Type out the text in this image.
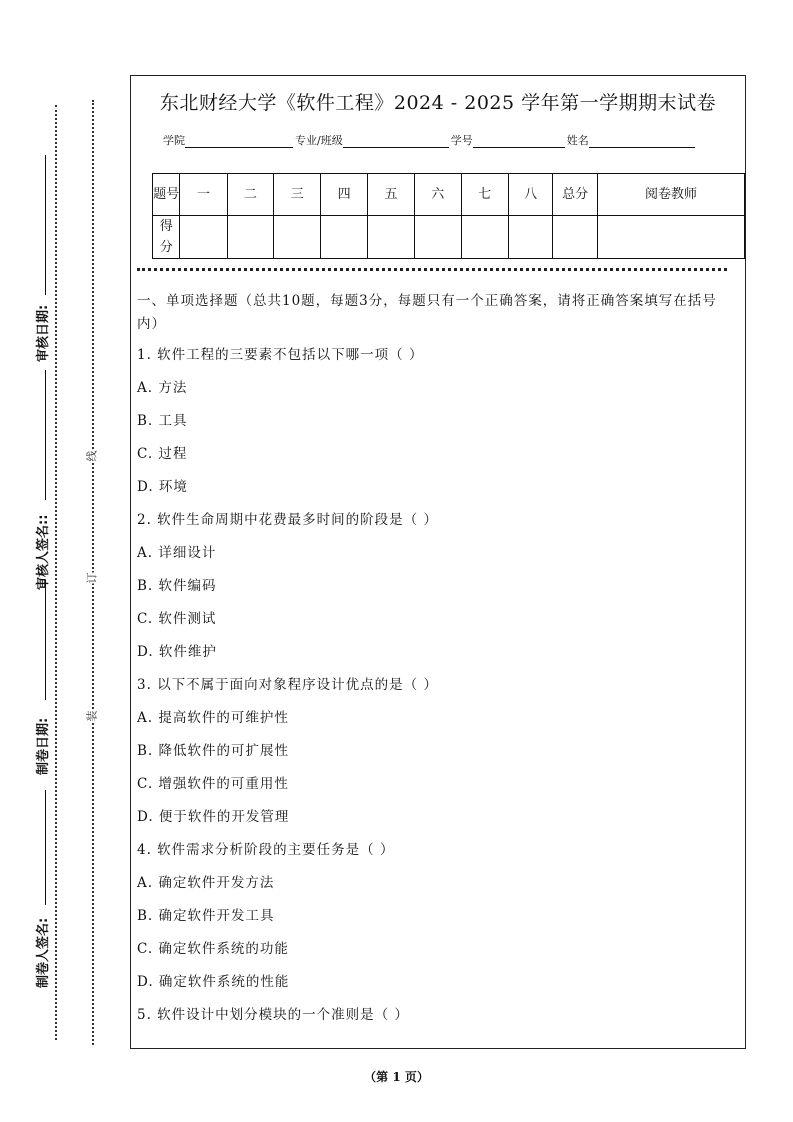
审核日期:
审核人签名::
制卷日期:
制卷人签名:
线
订
装
东北财经大学《软件工程》2024 - 2025 学年第一学期期末试卷
学院	专业/班级	学号	姓名
题号	一	二	三	四	五	六	七	八	总分	阅卷教师
得分										
一、单项选择题（总共10题，每题3分，每题只有一个正确答案，请将正确答案填写在括号内）
1. 软件工程的三要素不包括以下哪一项（ ）
A. 方法
B. 工具
C. 过程
D. 环境
2. 软件生命周期中花费最多时间的阶段是（ ）
A. 详细设计
B. 软件编码
C. 软件测试
D. 软件维护
3. 以下不属于面向对象程序设计优点的是（ ）
A. 提高软件的可维护性
B. 降低软件的可扩展性
C. 增强软件的可重用性
D. 便于软件的开发管理
4. 软件需求分析阶段的主要任务是（ ）
A. 确定软件开发方法
B. 确定软件开发工具
C. 确定软件系统的功能
D. 确定软件系统的性能
5. 软件设计中划分模块的一个准则是（ ）
（第 1 页）
